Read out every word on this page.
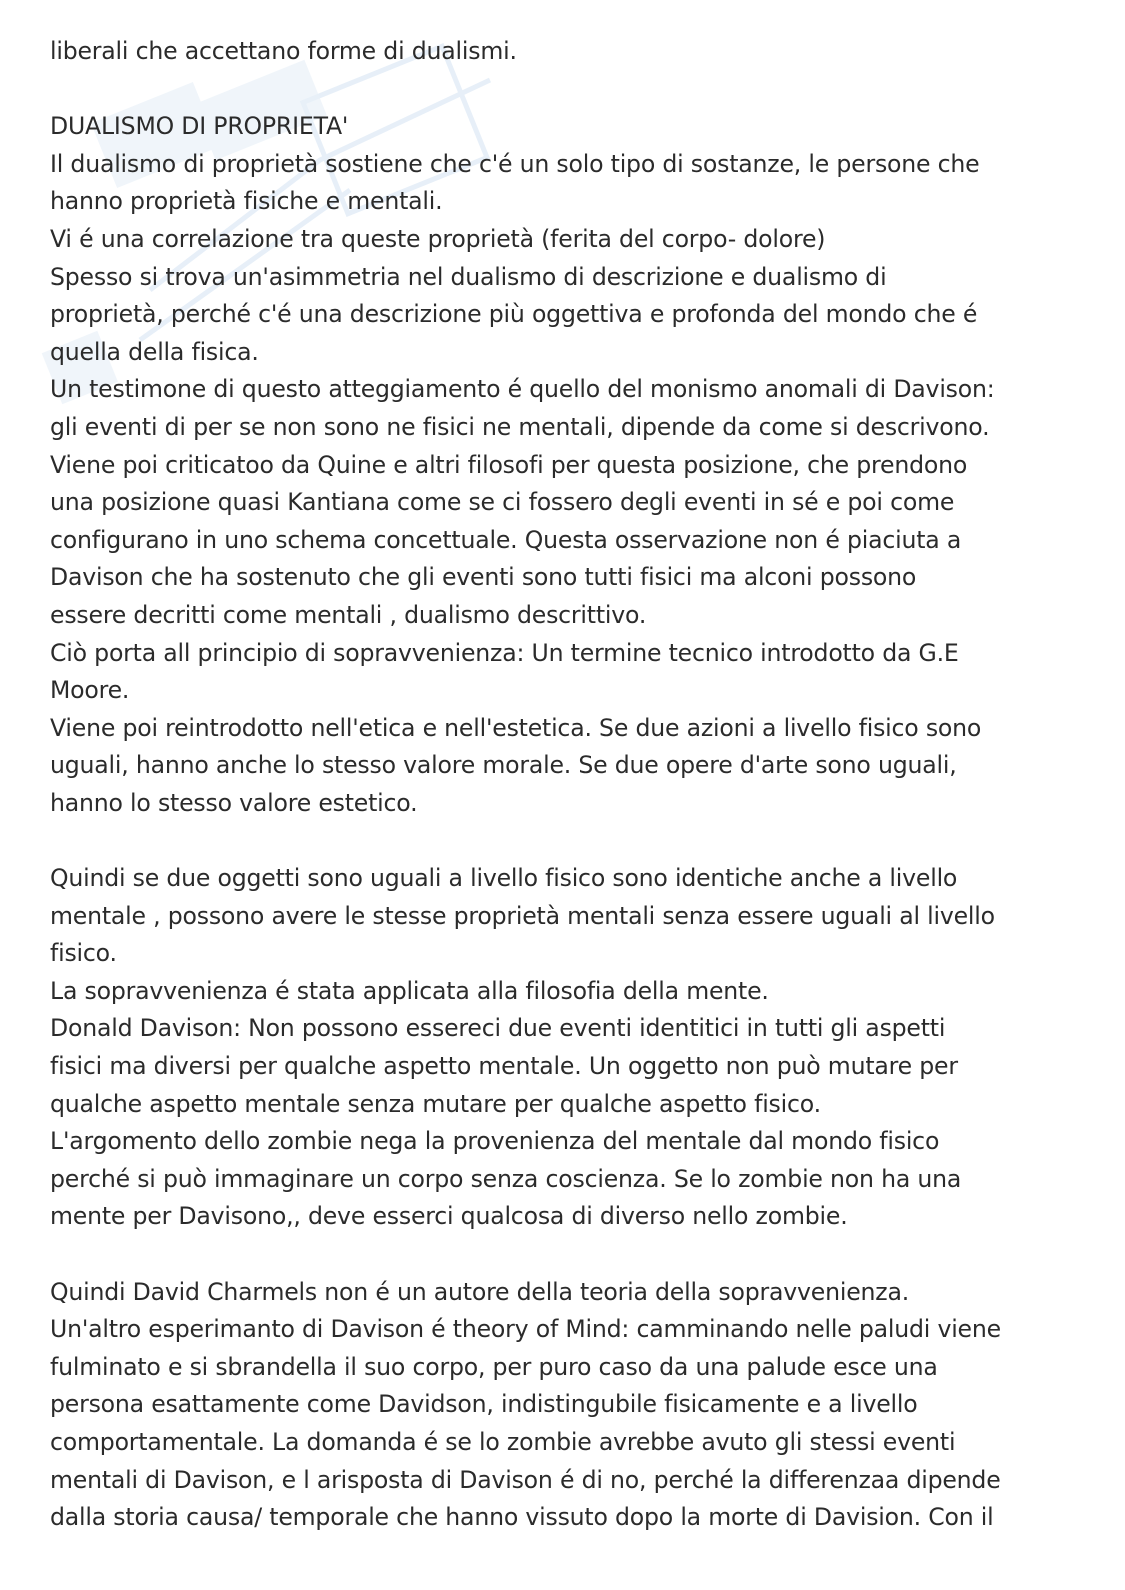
liberali che accettano forme di dualismi.
DUALISMO DI PROPRIETA'
Il dualismo di proprietà sostiene che c'é un solo tipo di sostanze, le persone che
hanno proprietà fisiche e mentali.
Vi é una correlazione tra queste proprietà (ferita del corpo- dolore)
Spesso si trova un'asimmetria nel dualismo di descrizione e dualismo di
proprietà, perché c'é una descrizione più oggettiva e profonda del mondo che é
quella della fisica.
Un testimone di questo atteggiamento é quello del monismo anomali di Davison:
gli eventi di per se non sono ne fisici ne mentali, dipende da come si descrivono.
Viene poi criticatoo da Quine e altri filosofi per questa posizione, che prendono
una posizione quasi Kantiana come se ci fossero degli eventi in sé e poi come
configurano in uno schema concettuale. Questa osservazione non é piaciuta a
Davison che ha sostenuto che gli eventi sono tutti fisici ma alconi possono
essere decritti come mentali , dualismo descrittivo.
Ciò porta all principio di sopravvenienza: Un termine tecnico introdotto da G.E
Moore.
Viene poi reintrodotto nell'etica e nell'estetica. Se due azioni a livello fisico sono
uguali, hanno anche lo stesso valore morale. Se due opere d'arte sono uguali,
hanno lo stesso valore estetico.
Quindi se due oggetti sono uguali a livello fisico sono identiche anche a livello
mentale , possono avere le stesse proprietà mentali senza essere uguali al livello
fisico.
La sopravvenienza é stata applicata alla filosofia della mente.
Donald Davison: Non possono essereci due eventi identitici in tutti gli aspetti
fisici ma diversi per qualche aspetto mentale. Un oggetto non può mutare per
qualche aspetto mentale senza mutare per qualche aspetto fisico.
L'argomento dello zombie nega la provenienza del mentale dal mondo fisico
perché si può immaginare un corpo senza coscienza. Se lo zombie non ha una
mente per Davisono,, deve esserci qualcosa di diverso nello zombie.
Quindi David Charmels non é un autore della teoria della sopravvenienza.
Un'altro esperimanto di Davison é theory of Mind: camminando nelle paludi viene
fulminato e si sbrandella il suo corpo, per puro caso da una palude esce una
persona esattamente come Davidson, indistingubile fisicamente e a livello
comportamentale. La domanda é se lo zombie avrebbe avuto gli stessi eventi
mentali di Davison, e l arisposta di Davison é di no, perché la differenzaa dipende
dalla storia causa/ temporale che hanno vissuto dopo la morte di Davision. Con il
